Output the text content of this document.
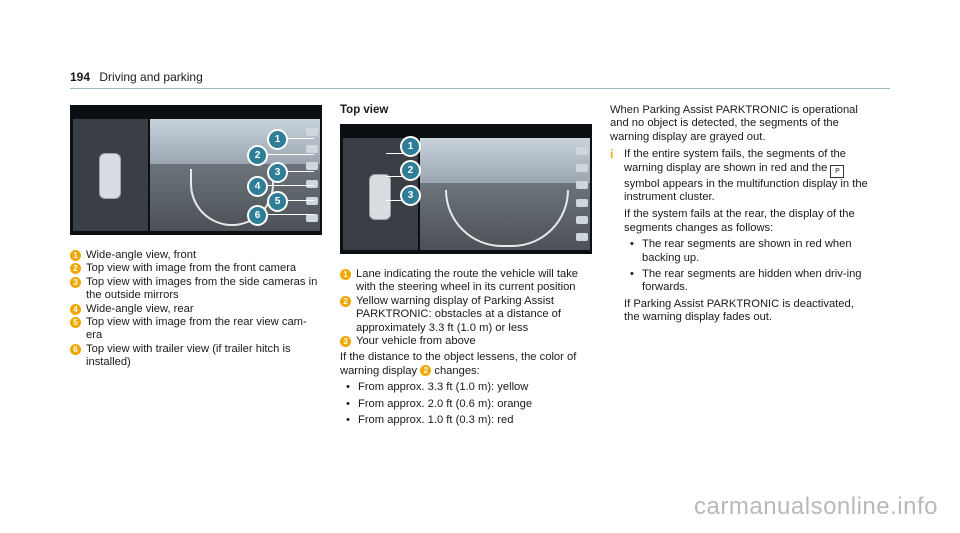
194 Driving and parking
1
2
3
4
5
6
1 Wide-angle view, front
2 Top view with image from the front camera
3 Top view with images from the side cameras in the outside mirrors
4 Wide-angle view, rear
5 Top view with image from the rear view cam-era
6 Top view with trailer view (if trailer hitch is installed)
Top view
1
2
3
1 Lane indicating the route the vehicle will take with the steering wheel in its current position
2 Yellow warning display of Parking Assist PARKTRONIC: obstacles at a distance of approximately 3.3 ft (1.0 m) or less
3 Your vehicle from above

If the distance to the object lessens, the color of warning display 2 changes:

• From approx. 3.3 ft (1.0 m): yellow
• From approx. 2.0 ft (0.6 m): orange
• From approx. 1.0 ft (0.3 m): red

When Parking Assist PARKTRONIC is operational and no object is detected, the segments of the warning display are grayed out.

i If the entire system fails, the segments of the warning display are shown in red and the P symbol appears in the multifunction display in the instrument cluster.

If the system fails at the rear, the display of the segments changes as follows:

• The rear segments are shown in red when backing up.
• The rear segments are hidden when driv-ing forwards.

If Parking Assist PARKTRONIC is deactivated, the warning display fades out.

carmanualsonline.info
